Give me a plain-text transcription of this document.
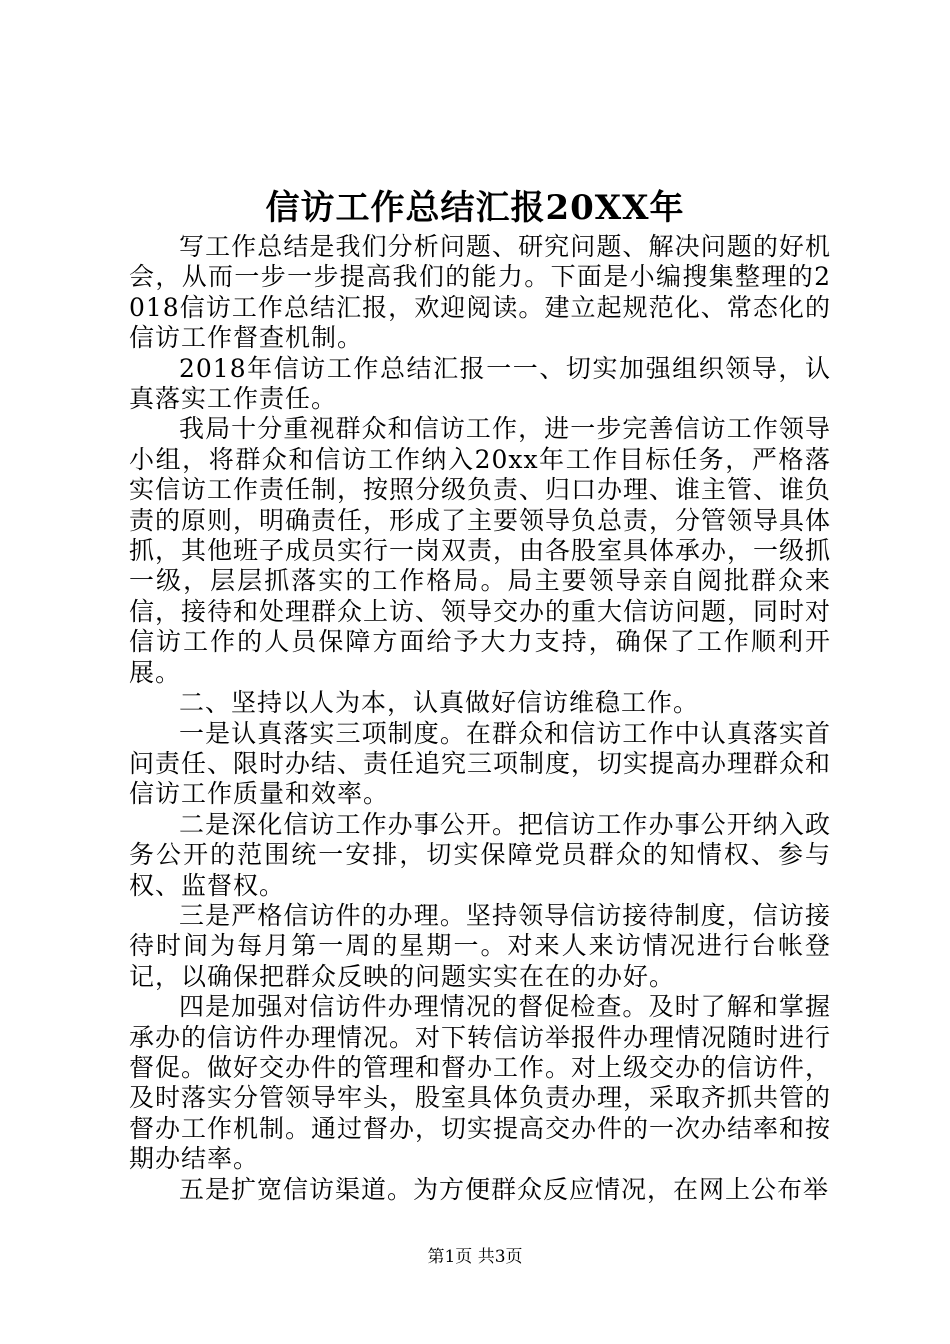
信访工作总结汇报20XX年

写工作总结是我们分析问题、研究问题、解决问题的好机会，从而一步一步提高我们的能力。下面是小编搜集整理的2018信访工作总结汇报，欢迎阅读。建立起规范化、常态化的信访工作督查机制。

2018年信访工作总结汇报一一、切实加强组织领导，认真落实工作责任。

我局十分重视群众和信访工作，进一步完善信访工作领导小组，将群众和信访工作纳入20xx年工作目标任务，严格落实信访工作责任制，按照分级负责、归口办理、谁主管、谁负责的原则，明确责任，形成了主要领导负总责，分管领导具体抓，其他班子成员实行一岗双责，由各股室具体承办，一级抓一级，层层抓落实的工作格局。局主要领导亲自阅批群众来信，接待和处理群众上访、领导交办的重大信访问题，同时对信访工作的人员保障方面给予大力支持，确保了工作顺利开展。

二、坚持以人为本，认真做好信访维稳工作。

一是认真落实三项制度。在群众和信访工作中认真落实首问责任、限时办结、责任追究三项制度，切实提高办理群众和信访工作质量和效率。

二是深化信访工作办事公开。把信访工作办事公开纳入政务公开的范围统一安排，切实保障党员群众的知情权、参与权、监督权。

三是严格信访件的办理。坚持领导信访接待制度，信访接待时间为每月第一周的星期一。对来人来访情况进行台帐登记，以确保把群众反映的问题实实在在的办好。

四是加强对信访件办理情况的督促检查。及时了解和掌握承办的信访件办理情况。对下转信访举报件办理情况随时进行督促。做好交办件的管理和督办工作。对上级交办的信访件，及时落实分管领导牢头，股室具体负责办理，采取齐抓共管的督办工作机制。通过督办，切实提高交办件的一次办结率和按期办结率。

五是扩宽信访渠道。为方便群众反应情况，在网上公布举

第1页 共3页
